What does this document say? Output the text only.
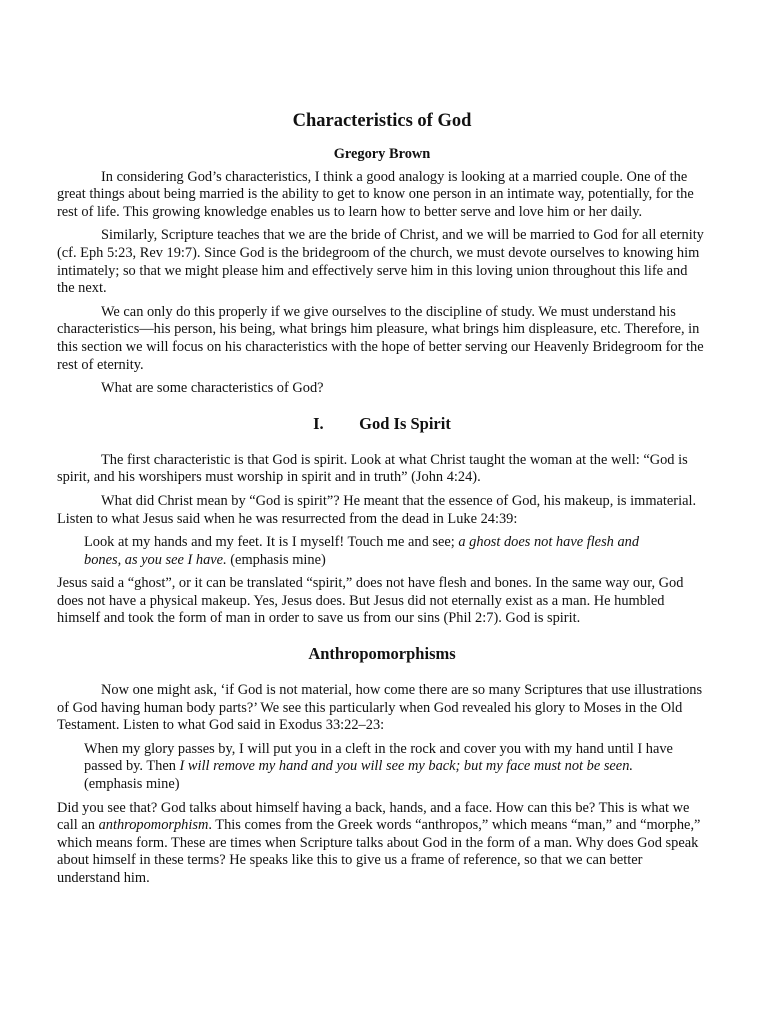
Characteristics of God
Gregory Brown

In considering God’s characteristics, I think a good analogy is looking at a married couple. One of the great things about being married is the ability to get to know one person in an intimate way, potentially, for the rest of life. This growing knowledge enables us to learn how to better serve and love him or her daily.

Similarly, Scripture teaches that we are the bride of Christ, and we will be married to God for all eternity (cf. Eph 5:23, Rev 19:7). Since God is the bridegroom of the church, we must devote ourselves to knowing him intimately; so that we might please him and effectively serve him in this loving union throughout this life and the next.

We can only do this properly if we give ourselves to the discipline of study. We must understand his characteristics—his person, his being, what brings him pleasure, what brings him displeasure, etc. Therefore, in this section we will focus on his characteristics with the hope of better serving our Heavenly Bridegroom for the rest of eternity.

What are some characteristics of God?

I. God Is Spirit

The first characteristic is that God is spirit. Look at what Christ taught the woman at the well: “God is spirit, and his worshipers must worship in spirit and in truth” (John 4:24).

What did Christ mean by “God is spirit”? He meant that the essence of God, his makeup, is immaterial. Listen to what Jesus said when he was resurrected from the dead in Luke 24:39:

Look at my hands and my feet. It is I myself! Touch me and see; a ghost does not have flesh and bones, as you see I have. (emphasis mine)

Jesus said a “ghost”, or it can be translated “spirit,” does not have flesh and bones. In the same way our, God does not have a physical makeup. Yes, Jesus does. But Jesus did not eternally exist as a man. He humbled himself and took the form of man in order to save us from our sins (Phil 2:7). God is spirit.

Anthropomorphisms

Now one might ask, ‘if God is not material, how come there are so many Scriptures that use illustrations of God having human body parts?’ We see this particularly when God revealed his glory to Moses in the Old Testament. Listen to what God said in Exodus 33:22–23:

When my glory passes by, I will put you in a cleft in the rock and cover you with my hand until I have passed by. Then I will remove my hand and you will see my back; but my face must not be seen. (emphasis mine)

Did you see that? God talks about himself having a back, hands, and a face. How can this be? This is what we call an anthropomorphism. This comes from the Greek words “anthropos,” which means “man,” and “morphe,” which means form. These are times when Scripture talks about God in the form of a man. Why does God speak about himself in these terms? He speaks like this to give us a frame of reference, so that we can better understand him.
